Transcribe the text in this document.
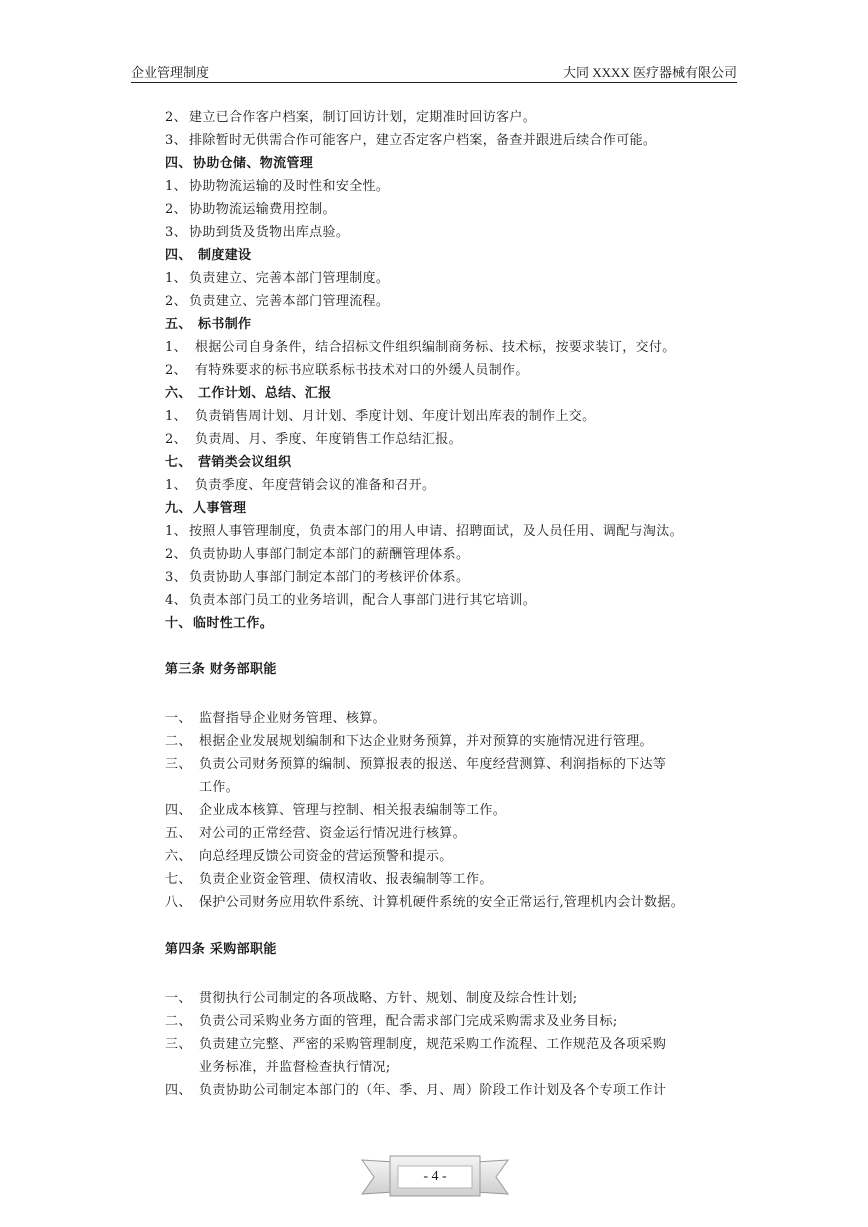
企业管理制度	大同 XXXX 医疗器械有限公司
2、 建立已合作客户档案，制订回访计划，定期准时回访客户。
3、 排除暂时无供需合作可能客户，建立否定客户档案，备查并跟进后续合作可能。
四、协助仓储、物流管理
1、 协助物流运输的及时性和安全性。
2、 协助物流运输费用控制。
3、 协助到货及货物出库点验。
四、 制度建设
1、 负责建立、完善本部门管理制度。
2、 负责建立、完善本部门管理流程。
五、 标书制作
1、 根据公司自身条件，结合招标文件组织编制商务标、技术标，按要求装订，交付。
2、 有特殊要求的标书应联系标书技术对口的外缓人员制作。
六、 工作计划、总结、汇报
1、 负责销售周计划、月计划、季度计划、年度计划出库表的制作上交。
2、 负责周、月、季度、年度销售工作总结汇报。
七、 营销类会议组织
1、 负责季度、年度营销会议的准备和召开。
九、人事管理
1、 按照人事管理制度，负责本部门的用人申请、招聘面试，及人员任用、调配与淘汰。
2、 负责协助人事部门制定本部门的薪酬管理体系。
3、 负责协助人事部门制定本部门的考核评价体系。
4、 负责本部门员工的业务培训，配合人事部门进行其它培训。
十、临时性工作。
第三条 财务部职能
一、 监督指导企业财务管理、核算。
二、 根据企业发展规划编制和下达企业财务预算，并对预算的实施情况进行管理。
三、 负责公司财务预算的编制、预算报表的报送、年度经营测算、利润指标的下达等
工作。
四、 企业成本核算、管理与控制、相关报表编制等工作。
五、 对公司的正常经营、资金运行情况进行核算。
六、 向总经理反馈公司资金的营运预警和提示。
七、 负责企业资金管理、债权清收、报表编制等工作。
八、 保护公司财务应用软件系统、计算机硬件系统的安全正常运行,管理机内会计数据。
第四条 采购部职能
一、 贯彻执行公司制定的各项战略、方针、规划、制度及综合性计划;
二、 负责公司采购业务方面的管理，配合需求部门完成采购需求及业务目标;
三、 负责建立完整、严密的采购管理制度，规范采购工作流程、工作规范及各项采购
业务标准，并监督检查执行情况;
四、 负责协助公司制定本部门的（年、季、月、周）阶段工作计划及各个专项工作计
- 4 -
